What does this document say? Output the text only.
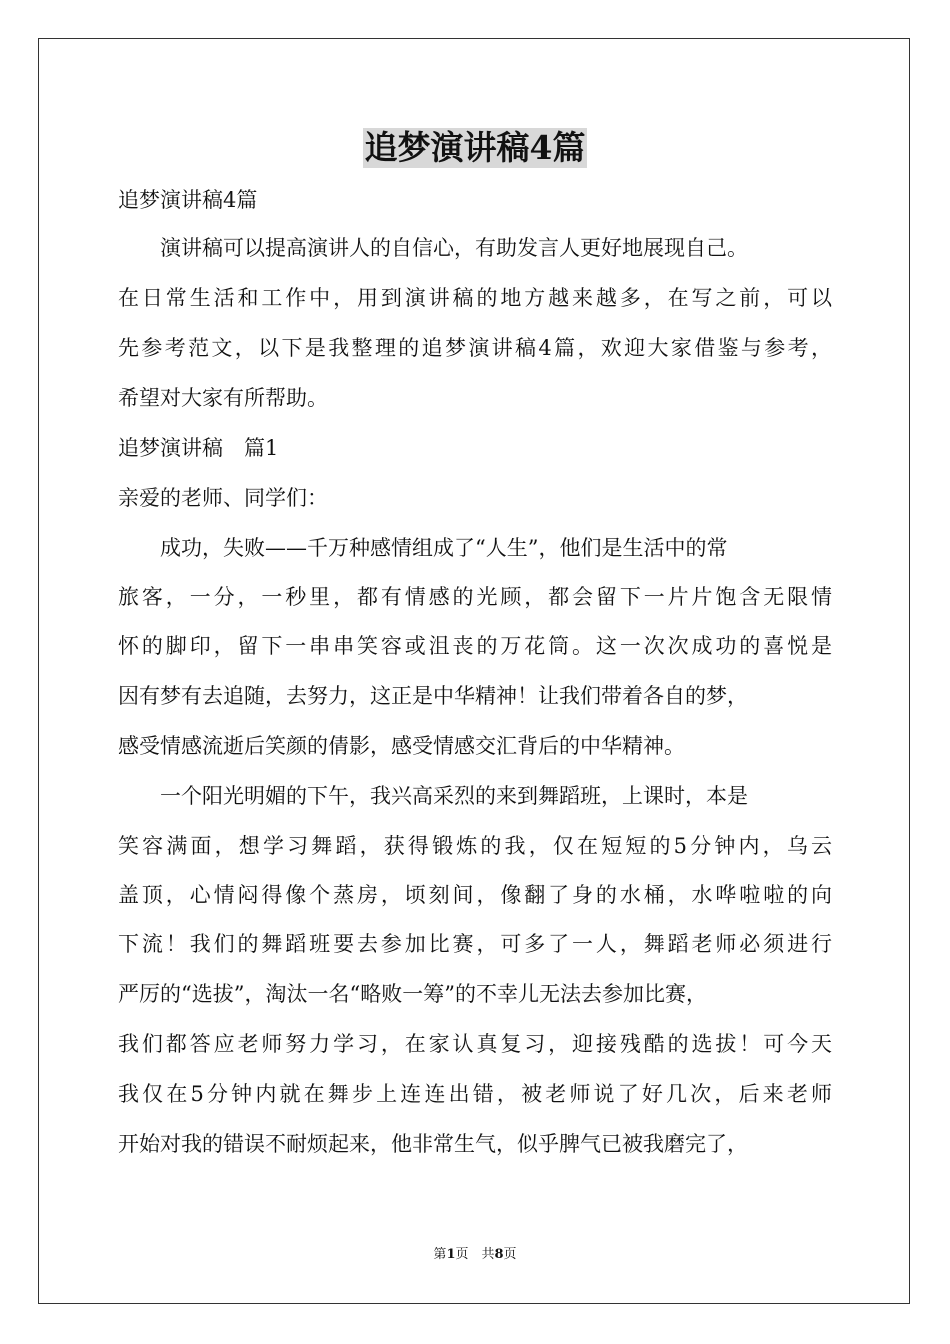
追梦演讲稿4篇
追梦演讲稿4篇
　　演讲稿可以提高演讲人的自信心，有助发言人更好地展现自己。
在日常生活和工作中，用到演讲稿的地方越来越多，在写之前，可以
先参考范文，以下是我整理的追梦演讲稿4篇，欢迎大家借鉴与参考，
希望对大家有所帮助。
追梦演讲稿　篇1
亲爱的老师、同学们：
　　成功，失败——千万种感情组成了“人生”，他们是生活中的常
旅客，一分，一秒里，都有情感的光顾，都会留下一片片饱含无限情
怀的脚印，留下一串串笑容或沮丧的万花筒。这一次次成功的喜悦是
因有梦有去追随，去努力，这正是中华精神！让我们带着各自的梦，
感受情感流逝后笑颜的倩影，感受情感交汇背后的中华精神。
　　一个阳光明媚的下午，我兴高采烈的来到舞蹈班，上课时，本是
笑容满面，想学习舞蹈，获得锻炼的我，仅在短短的5分钟内，乌云
盖顶，心情闷得像个蒸房，顷刻间，像翻了身的水桶，水哗啦啦的向
下流！我们的舞蹈班要去参加比赛，可多了一人，舞蹈老师必须进行
严厉的“选拔”，淘汰一名“略败一筹”的不幸儿无法去参加比赛，
我们都答应老师努力学习，在家认真复习，迎接残酷的选拔！可今天
我仅在5分钟内就在舞步上连连出错，被老师说了好几次，后来老师
开始对我的错误不耐烦起来，他非常生气，似乎脾气已被我磨完了，
第1页　共8页
